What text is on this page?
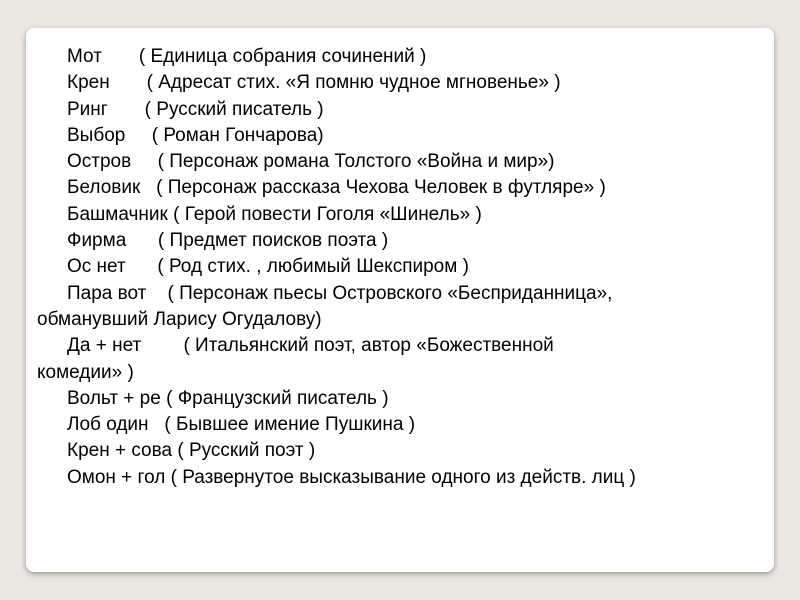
Мот       ( Единица собрания сочинений )

Крен       ( Адресат стих. «Я помню чудное мгновенье» )

Ринг       ( Русский писатель )

Выбор     ( Роман Гончарова)

Остров     ( Персонаж романа Толстого «Война и мир»)

Беловик   ( Персонаж рассказа Чехова Человек в футляре» )

Башмачник ( Герой повести Гоголя «Шинель» )

Фирма      ( Предмет поисков поэта )

Ос нет      ( Род стих. , любимый Шекспиром )

Пара вот    ( Персонаж пьесы Островского «Бесприданница»,

обманувший Ларису Огудалову)

Да + нет        ( Итальянский поэт, автор «Божественной

комедии» )

Вольт + ре ( Французский писатель )

Лоб один   ( Бывшее имение Пушкина )

Крен + сова ( Русский поэт )

Омон + гол ( Развернутое высказывание одного из действ. лиц )
